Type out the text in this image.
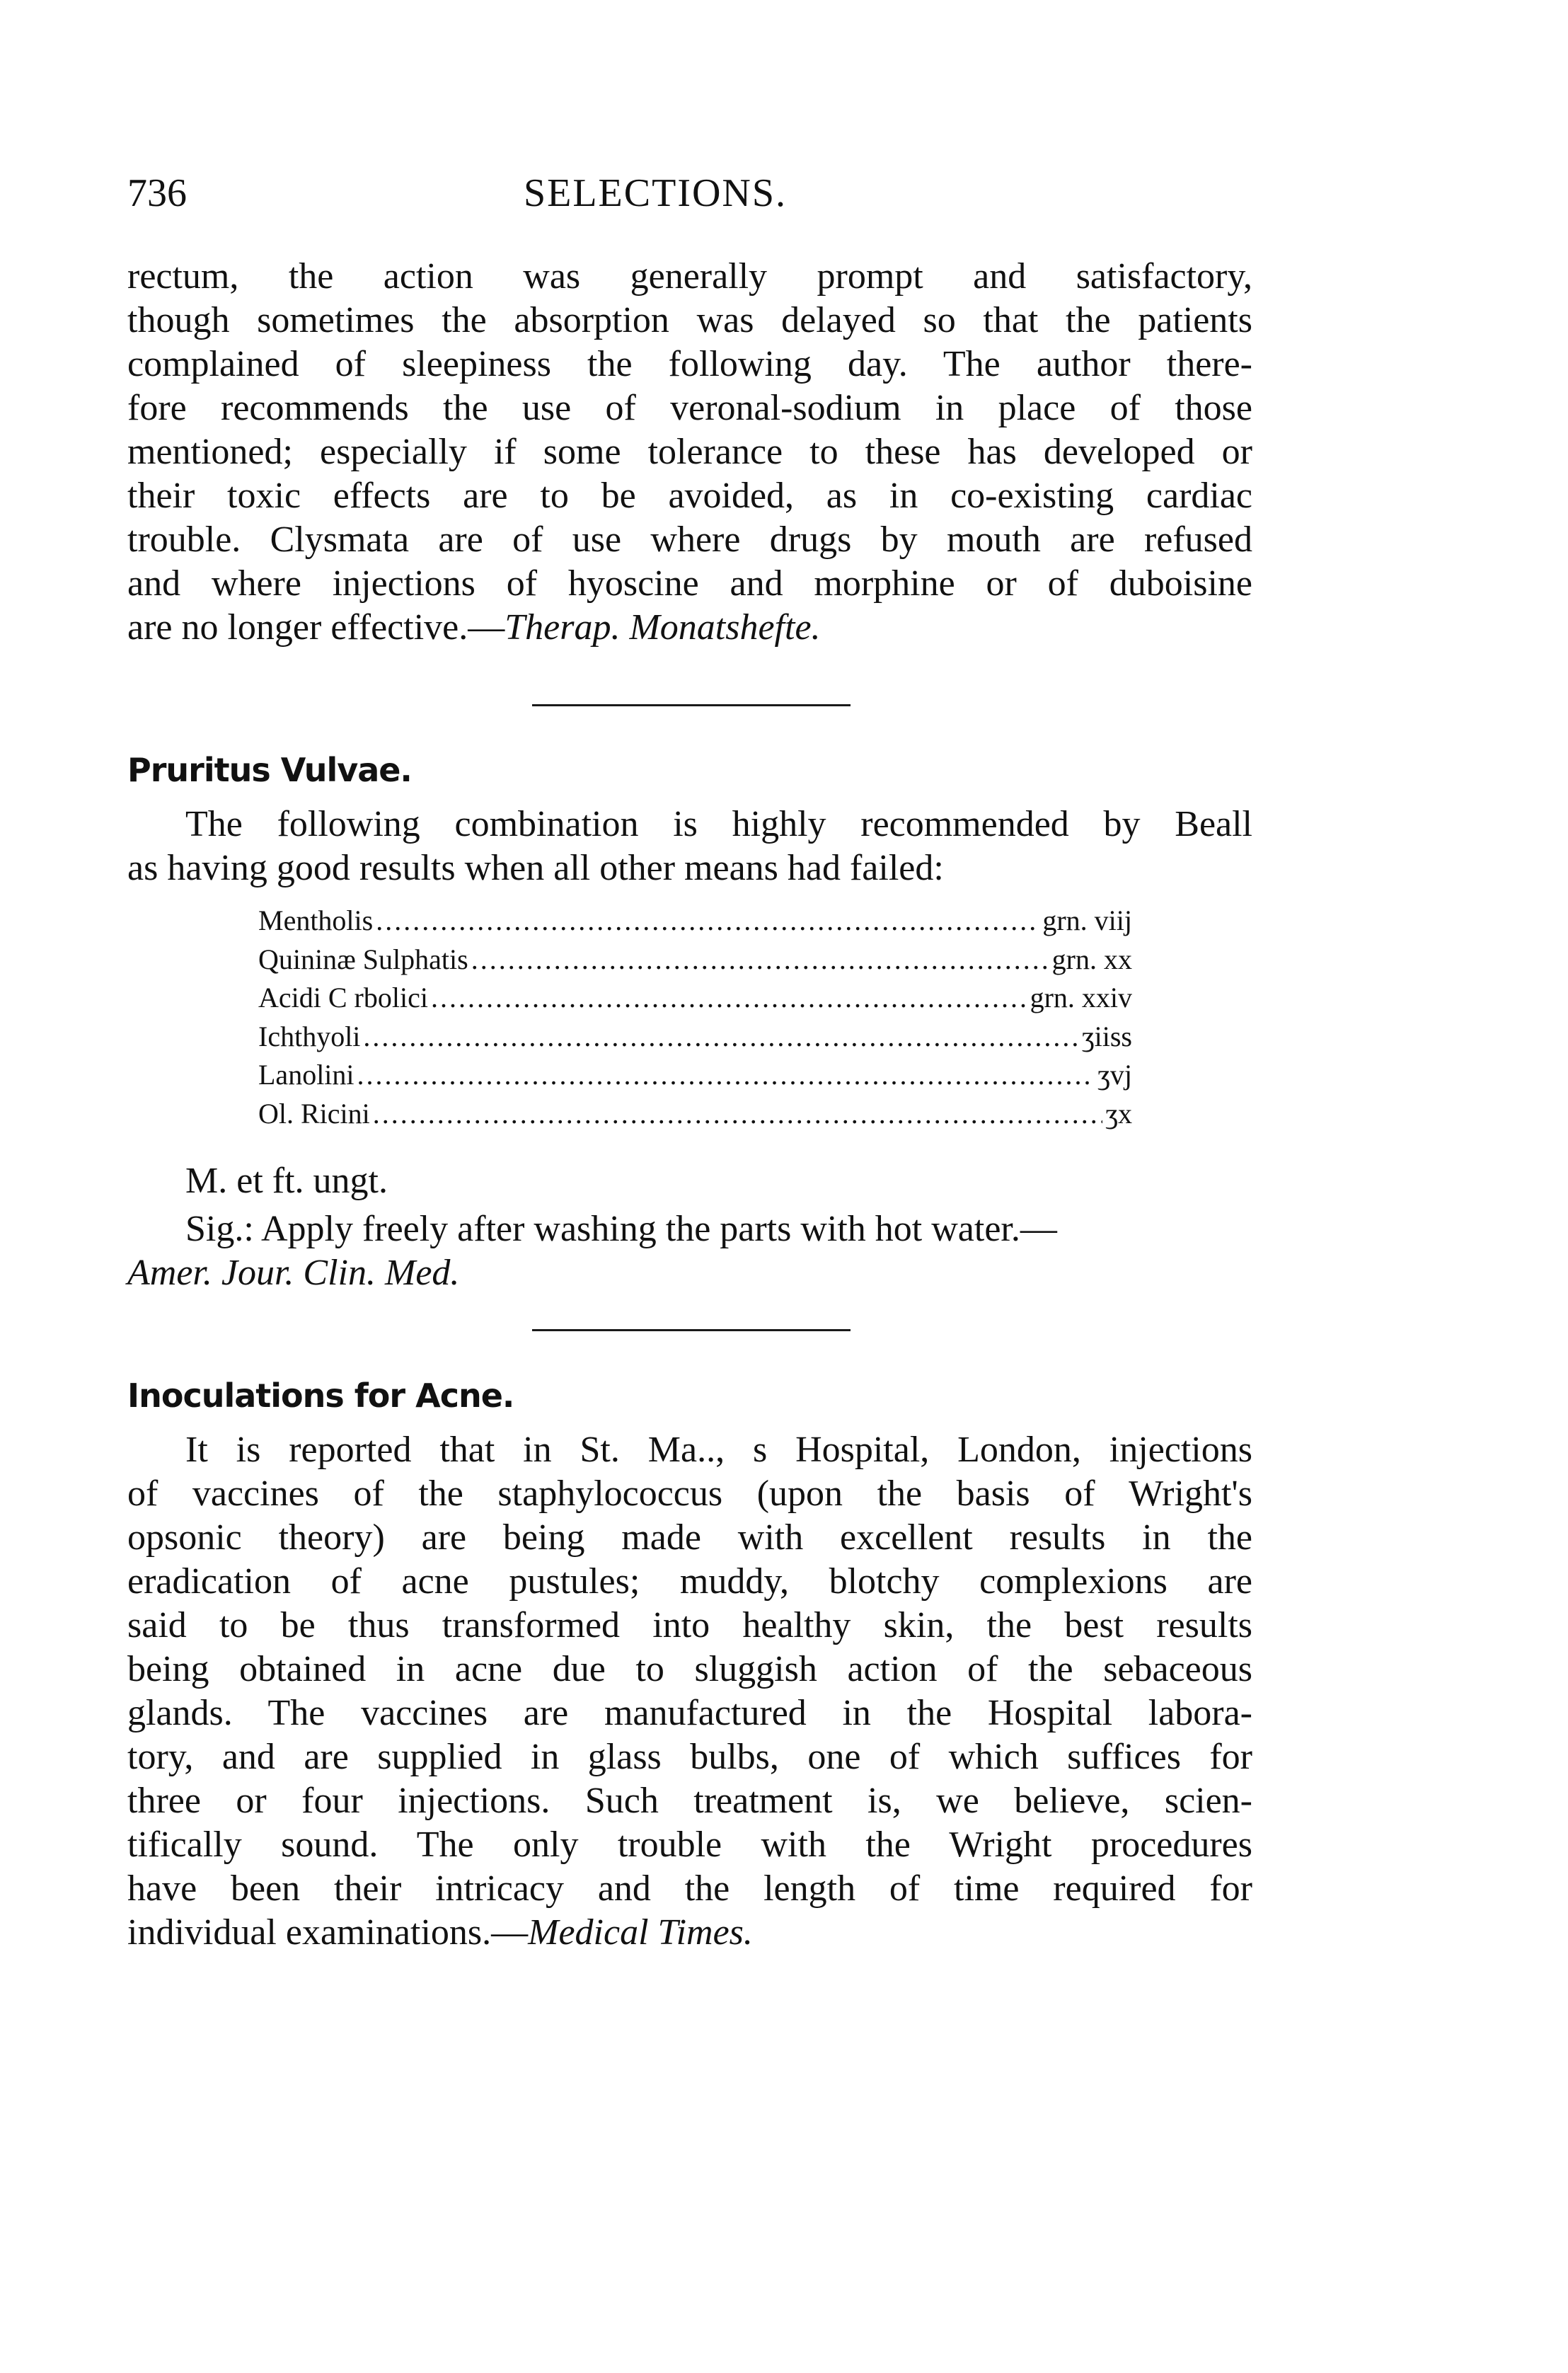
736	SELECTIONS.
rectum, the action was generally prompt and satisfactory,
though sometimes the absorption was delayed so that the patients
complained of sleepiness the following day. The author there-
fore recommends the use of veronal-sodium in place of those
mentioned; especially if some tolerance to these has developed or
their toxic effects are to be avoided, as in co-existing cardiac
trouble. Clysmata are of use where drugs by mouth are refused
and where injections of hyoscine and morphine or of duboisine
are no longer effective.—Therap. Monatshefte.
Pruritus Vulvae.
The following combination is highly recommended by Beall
as having good results when all other means had failed:
Mentholis .....	grn. viij
Quininæ Sulphatis .....	grn. xx
Acidi C rbolici .....	grn. xxiv
Ichthyoli .....	ʒiiss
Lanolini .....	ʒvj
Ol. Ricini .....	ʒx
M. et ft. ungt.
Sig.: Apply freely after washing the parts with hot water.—
Amer. Jour. Clin. Med.
Inoculations for Acne.
It is reported that in St. Ma.., s Hospital, London, injections
of vaccines of the staphylococcus (upon the basis of Wright's
opsonic theory) are being made with excellent results in the
eradication of acne pustules; muddy, blotchy complexions are
said to be thus transformed into healthy skin, the best results
being obtained in acne due to sluggish action of the sebaceous
glands. The vaccines are manufactured in the Hospital labora-
tory, and are supplied in glass bulbs, one of which suffices for
three or four injections. Such treatment is, we believe, scien-
tifically sound. The only trouble with the Wright procedures
have been their intricacy and the length of time required for
individual examinations.—Medical Times.
